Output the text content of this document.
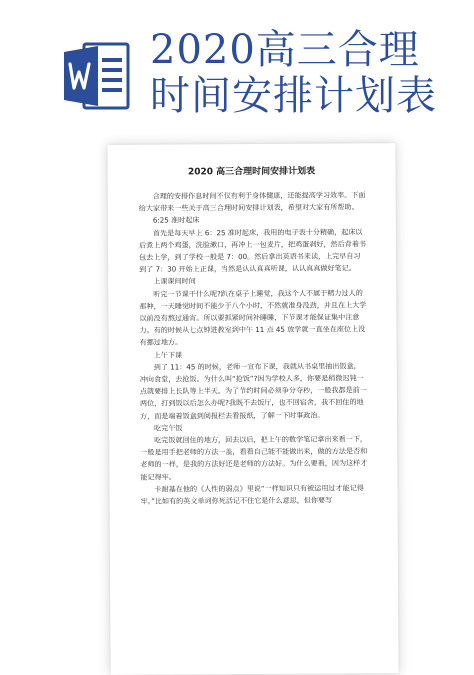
2020高三合理
时间安排计划表
2020 高三合理时间安排计划表

合理的安排作息时间不仅有利于身体健康，还能提高学习效率。下面给大家带来一些关于高三合理时间安排计划表，希望对大家有所帮助。

6:25 准时起床

首先是每天早上 6：25 准时起床，我用的电子表十分精确，起床以后煮上两个鸡蛋，洗脸漱口，再冲上一包麦片，把鸡蛋剥好，然后背着书包去上学，到了学校一般是 7：00。然后拿出英语书来读，上完早自习到了 7：30 开始上正课，当然是认认真真听课，认认真真做好笔记。

上课课间时间

听完一节课干什么呢?趴在桌子上睡觉，我这个人不属于精力过人的那种，一天睡觉时间不能少于八个小时，不然就准身没劲，并且在上大学以前没有熬过通宵。所以要抓紧时间补睡睡，下节课才能保证集中注意力。有的时候从七点钟进教室到中午 11 点 45 放学就一直坐在座位上没有挪过地方。

上午下课

到了 11：45 的时候，老师一宣布下课，我就从书桌里抽出饭盒，冲向食堂，去抢饭。为什么叫“抢饭”?因为学校人多，你要是稍微迟钝一点就要排上长队等上半天。为了节约时间必须争分夺秒，一般我都是前一两位，打到饭以后怎么办呢?我既不去饭厅，也不回宿舍，我不回住的地方，而是端着饭盒到阅报栏去看报纸，了解一下时事政治。

吃完午饭

吃完饭就回住的地方，回去以后，把上午的数学笔记拿出来看一下，一般是用手把老师的方法一盖，看看自己能不能做出来，做的方法是否和老师的一样，是我的方法好还是老师的方法好。为什么要看，因为这样才能记得牢。

卡耐基在他的《人性的弱点》里说“一样知识只有被运用过才能记得牢。”比如有的英文单词你死活记不住它是什么意思，但你要写
